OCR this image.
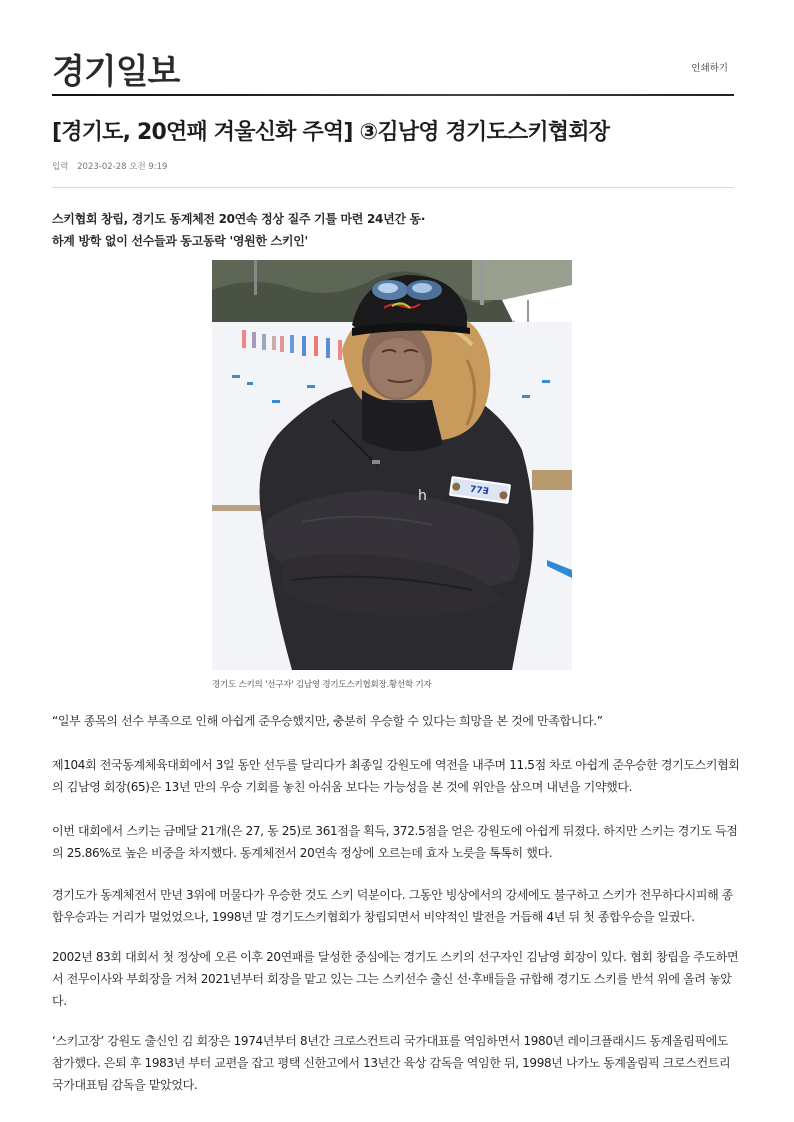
경기일보	인쇄하기
[경기도, 20연패 겨울신화 주역] ③김남영 경기도스키협회장
입력 2023-02-28 오전 9:19
스키협회 창립, 경기도 동계체전 20연속 정상 질주 기틀 마련 24년간 동·하계 방학 없이 선수들과 동고동락 '영원한 스키인'
77∃
h
경기도 스키의 '선구자' 김남영 경기도스키협회장.황선학 기자

“일부 종목의 선수 부족으로 인해 아쉽게 준우승했지만, 충분히 우승할 수 있다는 희망을 본 것에 만족합니다.”

제104회 전국동계체육대회에서 3일 동안 선두를 달리다가 최종일 강원도에 역전을 내주며 11.5점 차로 아쉽게 준우승한 경기도스키협회의 김남영 회장(65)은 13년 만의 우승 기회를 놓친 아쉬움 보다는 가능성을 본 것에 위안을 삼으며 내년을 기약했다.

이번 대회에서 스키는 금메달 21개(은 27, 동 25)로 361점을 획득, 372.5점을 얻은 강원도에 아쉽게 뒤졌다. 하지만 스키는 경기도 득점의 25.86%로 높은 비중을 차지했다. 동계체전서 20연속 정상에 오르는데 효자 노릇을 톡톡히 했다.

경기도가 동계체전서 만년 3위에 머물다가 우승한 것도 스키 덕분이다. 그동안 빙상에서의 강세에도 불구하고 스키가 전무하다시피해 종합우승과는 거리가 멀었었으나, 1998년 말 경기도스키협회가 창립되면서 비약적인 발전을 거듭해 4년 뒤 첫 종합우승을 일궜다.

2002년 83회 대회서 첫 정상에 오른 이후 20연패를 달성한 중심에는 경기도 스키의 선구자인 김남영 회장이 있다. 협회 창립을 주도하면서 전무이사와 부회장을 거쳐 2021년부터 회장을 맡고 있는 그는 스키선수 출신 선·후배들을 규합해 경기도 스키를 반석 위에 올려 놓았다.

‘스키고장’ 강원도 출신인 김 회장은 1974년부터 8년간 크로스컨트리 국가대표를 역임하면서 1980년 레이크플래시드 동계올림픽에도 참가했다. 은퇴 후 1983년 부터 교편을 잡고 평택 신한고에서 13년간 육상 감독을 역임한 뒤, 1998년 나가노 동계올림픽 크로스컨트리 국가대표팀 감독을 맡았었다.
